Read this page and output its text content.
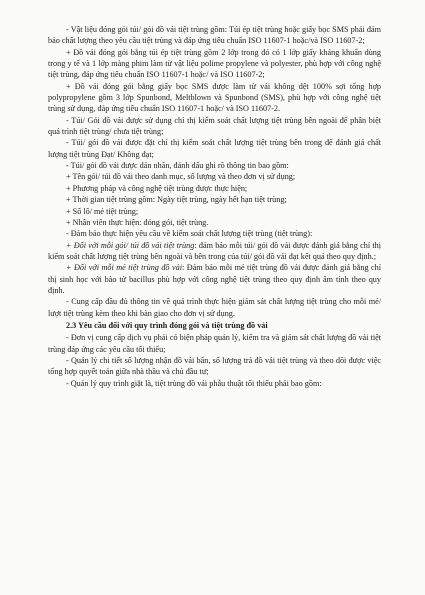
- Vật liệu đóng gói túi/ gói đồ vải tiệt trùng gồm: Túi ép tiệt trùng hoặc giấy bọc SMS phải đảm bảo chất lượng theo yêu cầu tiệt trùng và đáp ứng tiêu chuẩn ISO 11607-1 hoặc/và ISO 11607-2;

+ Đồ vải đóng gói bằng túi ép tiệt trùng gồm 2 lớp trong đó có 1 lớp giấy kháng khuẩn dùng trong y tế và 1 lớp màng phim làm từ vật liệu polime propylene và polyester, phù hợp với công nghệ tiệt trùng, đáp ứng tiêu chuẩn ISO 11607-1 hoặc/ và ISO 11607-2;

+ Đồ vải đóng gói bằng giấy bọc SMS được làm từ vải không dệt 100% sợi tổng hợp polypropylene gồm 3 lớp Spunbond, Meltblown và Spunbond (SMS), phù hợp với công nghệ tiệt trùng sử dụng, đáp ứng tiêu chuẩn ISO 11607-1 hoặc/ và ISO 11607-2.

- Túi/ Gói đồ vải được sử dụng chỉ thị kiểm soát chất lượng tiệt trùng bên ngoài để phân biệt quá trình tiệt trùng/ chưa tiệt trùng;

- Túi/ gói đồ vải được đặt chỉ thị kiểm soát chất lượng tiệt trùng bên trong để đánh giá chất lượng tiệt trùng Đạt/ Không đạt;

- Túi/ gói đồ vải được dán nhãn, đánh dấu ghi rõ thông tin bao gồm:

+ Tên gói/ túi đồ vải theo danh mục, số lượng và theo đơn vị sử dụng;

+ Phương pháp và công nghệ tiệt trùng được thực hiện;

+ Thời gian tiệt trùng gồm: Ngày tiệt trùng, ngày hết hạn tiệt trùng;

+ Số lô/ mẻ tiệt trùng;

+ Nhân viên thực hiện: đóng gói, tiệt trùng.

- Đảm bảo thực hiện yêu cầu về kiểm soát chất lượng tiệt trùng (tiệt trùng):

+ Đối với mỗi gói/ túi đồ vải tiệt trùng: đảm bảo mỗi túi/ gói đồ vải được đánh giá bằng chỉ thị kiểm soát chất lượng tiệt trùng bên ngoài và bên trong của túi/ gói đồ vải đạt kết quả theo quy định.;

+ Đối với mỗi mẻ tiệt trùng đồ vải: Đảm bảo mỗi mẻ tiệt trùng đồ vải được đánh giá bằng chỉ thị sinh học với bào tử bacillus phù hợp với công nghệ tiệt trùng theo quy định âm tính theo quy định.

- Cung cấp đầu đủ thông tin về quá trình thực hiện giám sát chất lượng tiệt trùng cho mỗi mẻ/ lượt tiệt trùng kèm theo khi bàn giao cho đơn vị sử dụng.

2.3 Yêu cầu đối với quy trình đóng gói và tiệt trùng đồ vải

- Đơn vị cung cấp dịch vụ phải có biện pháp quản lý, kiểm tra và giám sát chất lượng đồ vải tiệt trùng đáp ứng các yêu cầu tối thiểu;

- Quản lý chi tiết số lượng nhận đồ vải bẩn, số lượng trả đồ vải tiệt trùng và theo dõi được việc tổng hợp quyết toán giữa nhà thầu và chủ đầu tư;

- Quản lý quy trình giặt là, tiệt trùng đồ vải phẫu thuật tối thiểu phải bao gồm:
